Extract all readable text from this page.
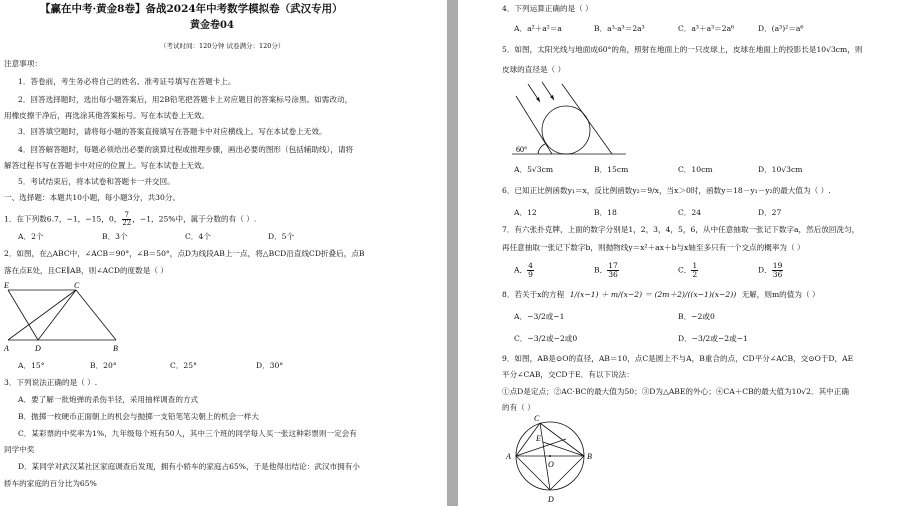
【赢在中考·黄金8卷】备战2024年中考数学模拟卷（武汉专用）
黄金卷04
（考试时间：120分钟 试卷满分：120分）
注意事项：
1．答卷前，考生务必将自己的姓名、准考证号填写在答题卡上。
2．回答选择题时，选出每小题答案后，用2B铅笔把答题卡上对应题目的答案标号涂黑。如需改动，
用橡皮擦干净后，再选涂其他答案标号。写在本试卷上无效。
3．回答填空题时，请将每小题的答案直接填写在答题卡中对应横线上。写在本试卷上无效。
4．回答解答题时，每题必须给出必要的演算过程或推理步骤，画出必要的图形（包括辅助线），请将
解答过程书写在答题卡中对应的位置上。写在本试卷上无效。
5．考试结束后，将本试卷和答题卡一并交回。
一、选择题：本题共10小题，每小题3分，共30分。
1．在下列数6.7，−1，−15，0， $\frac{7}{22}$ ，−1，25%中，属于分数的有（ ）.
A．2个	B．3个	C．4个	D．5个
2．如图，在△ABC中，∠ACB＝90°，∠B＝50°，点D为线段AB上一点，将△BCD沿直线CD折叠后，点B
落在点E处，且CE∥AB，则∠ACD的度数是（ ）
E	C
A	D	B
A．15°	B．20°	C．25°	D．30°
3．下列说法正确的是（ ）.
A．要了解一批炮弹的杀伤半径，采用抽样调查的方式
B．抛掷一枚硬币正面朝上的机会与抛掷一支铅笔笔尖朝上的机会一样大
C．某彩票的中奖率为1%，九年级每个班有50人，其中三个班的同学每人买一张这种彩票则一定会有
同学中奖
D．某同学对武汉某社区家庭调查后发现，拥有小轿车的家庭占65%，于是他得出结论：武汉市拥有小
轿车的家庭的百分比为65%
4．下列运算正确的是（ ）
A．a²＋a²＝a	B．a³·a³＝2a³	C．a³＋a³＝2a⁶	D．(a³)²＝a⁶
5．如图，太阳光线与地面成60°的角，照射在地面上的一只皮球上，皮球在地面上的投影长是10√3cm，则
皮球的直径是（ ）
60°
A．5√3cm	B．15cm	C．10cm	D．10√3cm
6．已知正比例函数y₁＝x，反比例函数y₂＝9/x，当x＞0时，函数y＝18－y₁－y₂的最大值为（ ）.
A．12	B．18	C．24	D．27
7．有六张扑克牌，上面的数字分别是1，2，3，4，5，6，从中任意抽取一张记下数字a，然后放回洗匀，
再任意抽取一张记下数字b，则抛物线y＝x²＋ax＋b与x轴至多只有一个交点的概率为（ ）
A． $\frac{4}{9}$	B． $\frac{17}{36}$	C． $\frac{1}{2}$	D． $\frac{19}{36}$
8．若关于x的方程 1/(x−1) ＋ m/(x−2) ＝ (2m＋2)/((x−1)(x−2)) 无解，则m的值为（ ）
A．−3/2或−1	B．−2或0
C．−3/2或−2或0	D．−3/2或−2或−1
9．如图，AB是⊙O的直径，AB＝10，点C是圆上不与A，B重合的点，CD平分∠ACB，交⊙O于D，AE
平分∠CAB，交CD于E．有以下说法：
①点D是定点；②AC·BC的最大值为50；③D为△ABE的外心；④CA＋CB的最大值为10√2．其中正确
的有（ ）
C
E
A
O
B
D
